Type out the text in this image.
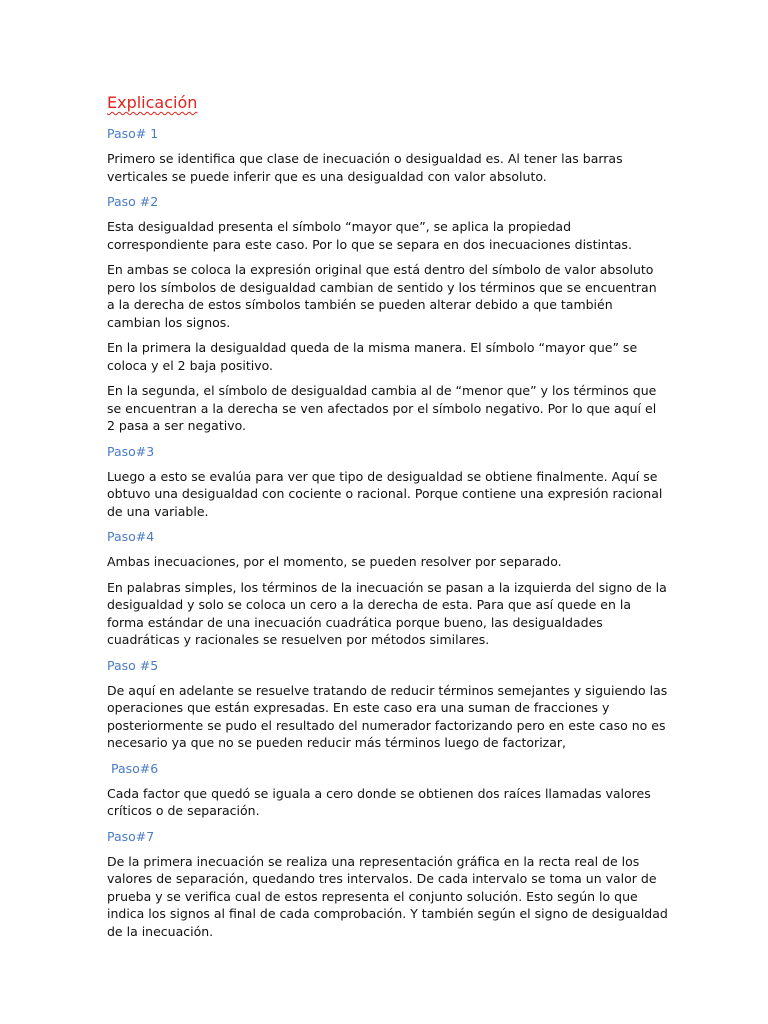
Explicación
Paso# 1

Primero se identifica que clase de inecuación o desigualdad es. Al tener las barras verticales se puede inferir que es una desigualdad con valor absoluto.

Paso #2

Esta desigualdad presenta el símbolo “mayor que”, se aplica la propiedad correspondiente para este caso. Por lo que se separa en dos inecuaciones distintas.

En ambas se coloca la expresión original que está dentro del símbolo de valor absoluto pero los símbolos de desigualdad cambian de sentido y los términos que se encuentran a la derecha de estos símbolos también se pueden alterar debido a que también cambian los signos.

En la primera la desigualdad queda de la misma manera. El símbolo “mayor que” se coloca y el 2 baja positivo.

En la segunda, el símbolo de desigualdad cambia al de “menor que” y los términos que se encuentran a la derecha se ven afectados por el símbolo negativo. Por lo que aquí el 2 pasa a ser negativo.

Paso#3

Luego a esto se evalúa para ver que tipo de desigualdad se obtiene finalmente. Aquí se obtuvo una desigualdad con cociente o racional. Porque contiene una expresión racional de una variable.

Paso#4

Ambas inecuaciones, por el momento, se pueden resolver por separado.

En palabras simples, los términos de la inecuación se pasan a la izquierda del signo de la desigualdad y solo se coloca un cero a la derecha de esta. Para que así quede en la forma estándar de una inecuación cuadrática porque bueno, las desigualdades cuadráticas y racionales se resuelven por métodos similares.

Paso #5

De aquí en adelante se resuelve tratando de reducir términos semejantes y siguiendo las operaciones que están expresadas. En este caso era una suman de fracciones y posteriormente se pudo el resultado del numerador factorizando pero en este caso no es necesario ya que no se pueden reducir más términos luego de factorizar,

Paso#6

Cada factor que quedó se iguala a cero donde se obtienen dos raíces llamadas valores críticos o de separación.

Paso#7

De la primera inecuación se realiza una representación gráfica en la recta real de los valores de separación, quedando tres intervalos. De cada intervalo se toma un valor de prueba y se verifica cual de estos representa el conjunto solución. Esto según lo que indica los signos al final de cada comprobación. Y también según el signo de desigualdad de la inecuación.
